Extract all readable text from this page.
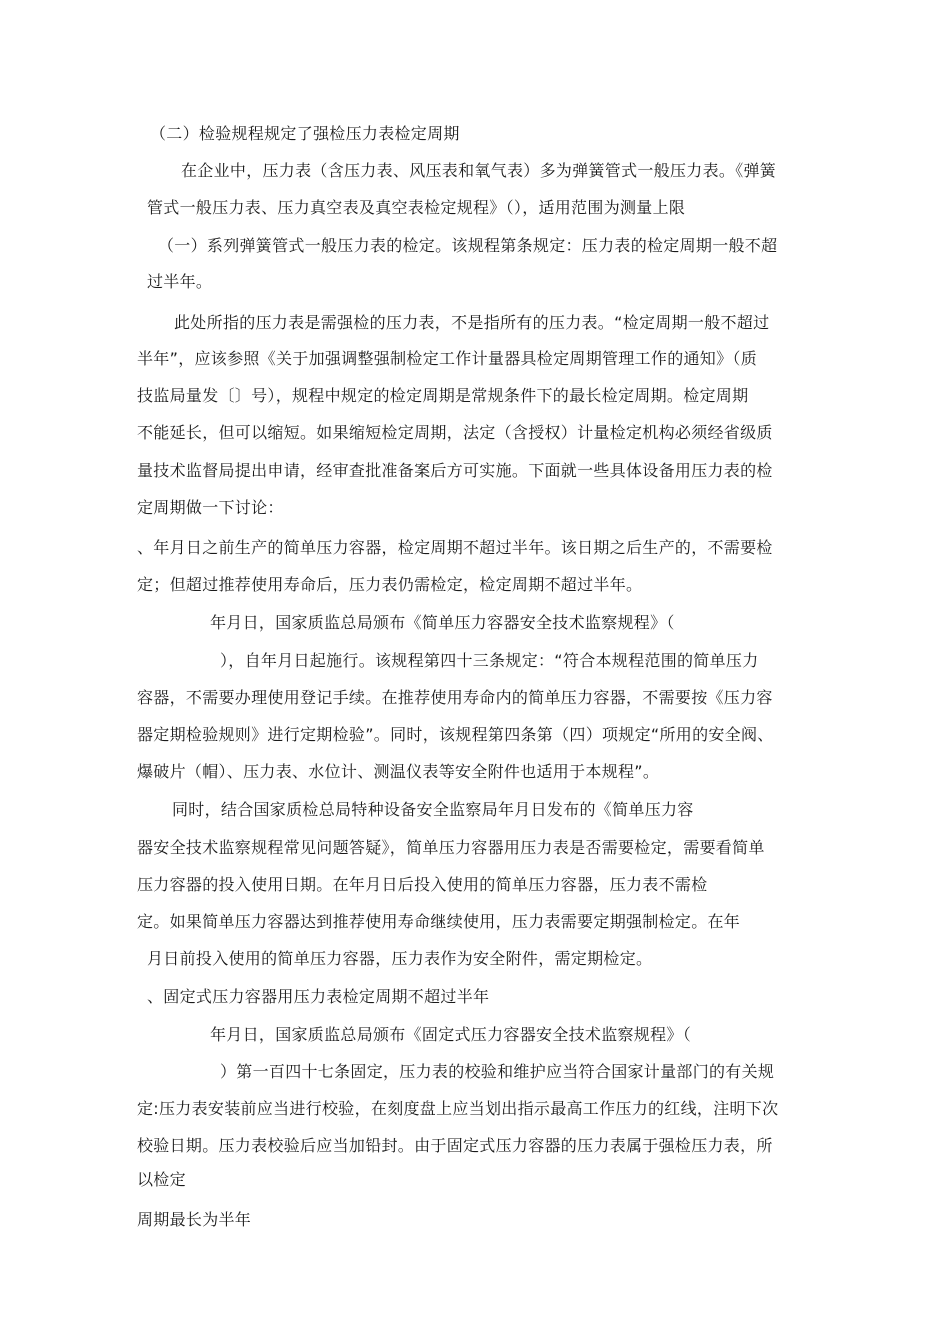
（二）检验规程规定了强检压力表检定周期
在企业中，压力表（含压力表、风压表和氧气表）多为弹簧管式一般压力表。《弹簧
管式一般压力表、压力真空表及真空表检定规程》（），适用范围为测量上限
（一）系列弹簧管式一般压力表的检定。该规程第条规定：压力表的检定周期一般不超
过半年。
此处所指的压力表是需强检的压力表，不是指所有的压力表。“检定周期一般不超过
半年”，应该参照《关于加强调整强制检定工作计量器具检定周期管理工作的通知》（质
技监局量发〔〕号），规程中规定的检定周期是常规条件下的最长检定周期。检定周期
不能延长，但可以缩短。如果缩短检定周期，法定（含授权）计量检定机构必须经省级质
量技术监督局提出申请，经审查批准备案后方可实施。下面就一些具体设备用压力表的检
定周期做一下讨论：
、年月日之前生产的简单压力容器，检定周期不超过半年。该日期之后生产的，不需要检
定；但超过推荐使用寿命后，压力表仍需检定，检定周期不超过半年。
年月日，国家质监总局颁布《简单压力容器安全技术监察规程》（
），自年月日起施行。该规程第四十三条规定：“符合本规程范围的简单压力
容器，不需要办理使用登记手续。在推荐使用寿命内的简单压力容器，不需要按《压力容
器定期检验规则》进行定期检验”。同时，该规程第四条第（四）项规定“所用的安全阀、
爆破片（帽）、压力表、水位计、测温仪表等安全附件也适用于本规程”。
同时，结合国家质检总局特种设备安全监察局年月日发布的《简单压力容
器安全技术监察规程常见问题答疑》，简单压力容器用压力表是否需要检定，需要看简单
压力容器的投入使用日期。在年月日后投入使用的简单压力容器，压力表不需检
定。如果简单压力容器达到推荐使用寿命继续使用，压力表需要定期强制检定。在年
月日前投入使用的简单压力容器，压力表作为安全附件，需定期检定。
、固定式压力容器用压力表检定周期不超过半年
年月日，国家质监总局颁布《固定式压力容器安全技术监察规程》（
）第一百四十七条固定，压力表的校验和维护应当符合国家计量部门的有关规
定:压力表安装前应当进行校验，在刻度盘上应当划出指示最高工作压力的红线，注明下次
校验日期。压力表校验后应当加铅封。由于固定式压力容器的压力表属于强检压力表，所
以检定
周期最长为半年
